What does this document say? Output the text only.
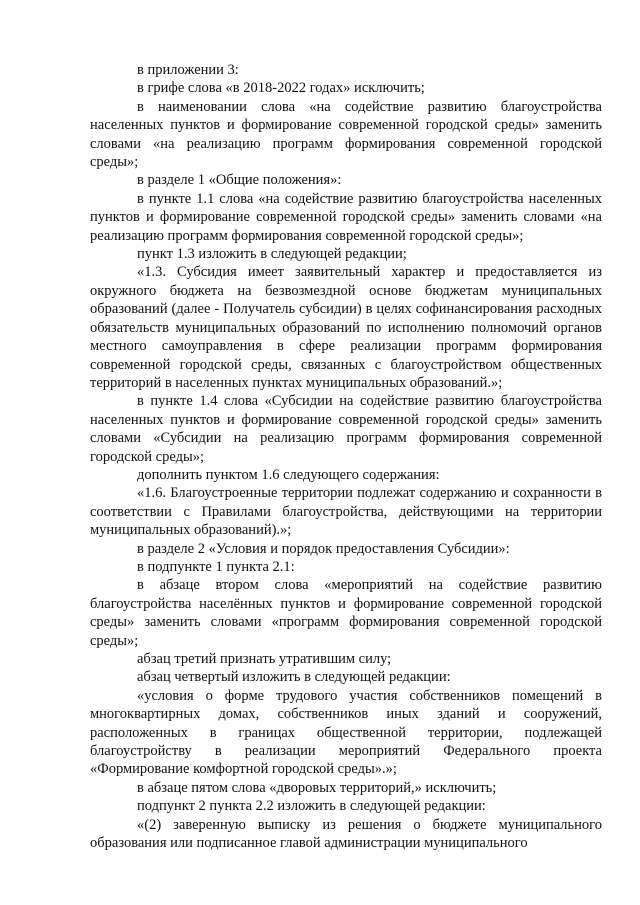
в приложении 3:

в грифе слова «в 2018-2022 годах» исключить;

в наименовании слова «на содействие развитию благоустройства населенных пунктов и формирование современной городской среды» заменить словами «на реализацию программ формирования современной городской среды»;

в разделе 1 «Общие положения»:

в пункте 1.1 слова «на содействие развитию благоустройства населенных пунктов и формирование современной городской среды» заменить словами «на реализацию программ формирования современной городской среды»;

пункт 1.3 изложить в следующей редакции;

«1.3. Субсидия имеет заявительный характер и предоставляется из окружного бюджета на безвозмездной основе бюджетам муниципальных образований (далее - Получатель субсидии) в целях софинансирования расходных обязательств муниципальных образований по исполнению полномочий органов местного самоуправления в сфере реализации программ формирования современной городской среды, связанных с благоустройством общественных территорий в населенных пунктах муниципальных образований.»;

в пункте 1.4 слова «Субсидии на содействие развитию благоустройства населенных пунктов и формирование современной городской среды» заменить словами «Субсидии на реализацию программ формирования современной городской среды»;

дополнить пунктом 1.6 следующего содержания:

«1.6. Благоустроенные территории подлежат содержанию и сохранности в соответствии с Правилами благоустройства, действующими на территории муниципальных образований).»;

в разделе 2 «Условия и порядок предоставления Субсидии»:

в подпункте 1 пункта 2.1:

в абзаце втором слова «мероприятий на содействие развитию благоустройства населённых пунктов и формирование современной городской среды» заменить словами «программ формирования современной городской среды»;

абзац третий признать утратившим силу;

абзац четвертый изложить в следующей редакции:

«условия о форме трудового участия собственников помещений в многоквартирных домах, собственников иных зданий и сооружений, расположенных в границах общественной территории, подлежащей благоустройству в реализации мероприятий Федерального проекта «Формирование комфортной городской среды».»;

в абзаце пятом слова «дворовых территорий,» исключить;

подпункт 2 пункта 2.2 изложить в следующей редакции:

«(2) заверенную выписку из решения о бюджете муниципального образования или подписанное главой администрации муниципального
